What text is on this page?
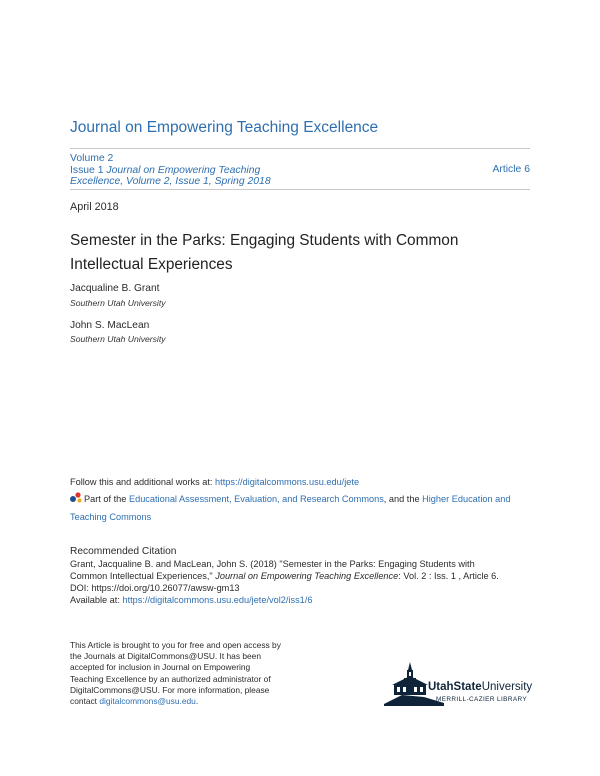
Journal on Empowering Teaching Excellence
Volume 2
Issue 1 Journal on Empowering Teaching
Excellence, Volume 2, Issue 1, Spring 2018
Article 6
April 2018
Semester in the Parks: Engaging Students with Common Intellectual Experiences
Jacqualine B. Grant
Southern Utah University
John S. MacLean
Southern Utah University
Follow this and additional works at: https://digitalcommons.usu.edu/jete
Part of the Educational Assessment, Evaluation, and Research Commons, and the Higher Education and Teaching Commons
Recommended Citation
Grant, Jacqualine B. and MacLean, John S. (2018) "Semester in the Parks: Engaging Students with
Common Intellectual Experiences," Journal on Empowering Teaching Excellence: Vol. 2 : Iss. 1 , Article 6.
DOI: https://doi.org/10.26077/awsw-gm13
Available at: https://digitalcommons.usu.edu/jete/vol2/iss1/6
This Article is brought to you for free and open access by
the Journals at DigitalCommons@USU. It has been
accepted for inclusion in Journal on Empowering
Teaching Excellence by an authorized administrator of
DigitalCommons@USU. For more information, please
contact digitalcommons@usu.edu.
UtahStateUniversity
MERRILL-CAZIER LIBRARY
